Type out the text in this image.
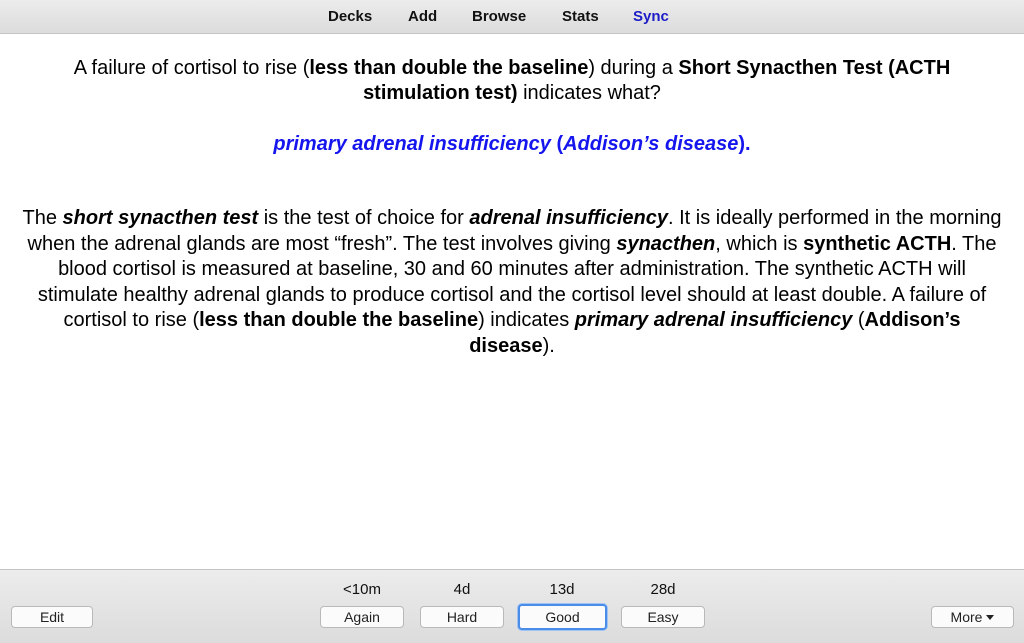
Decks Add Browse Stats Sync
A failure of cortisol to rise (less than double the baseline) during a Short Synacthen Test (ACTH stimulation test) indicates what?
primary adrenal insufficiency (Addison’s disease).
The short synacthen test is the test of choice for adrenal insufficiency. It is ideally performed in the morning when the adrenal glands are most “fresh”. The test involves giving synacthen, which is synthetic ACTH. The blood cortisol is measured at baseline, 30 and 60 minutes after administration. The synthetic ACTH will stimulate healthy adrenal glands to produce cortisol and the cortisol level should at least double. A failure of cortisol to rise (less than double the baseline) indicates primary adrenal insufficiency (Addison’s disease).
Edit
<10m	4d	13d	28d
Again	Hard	Good	Easy	More
